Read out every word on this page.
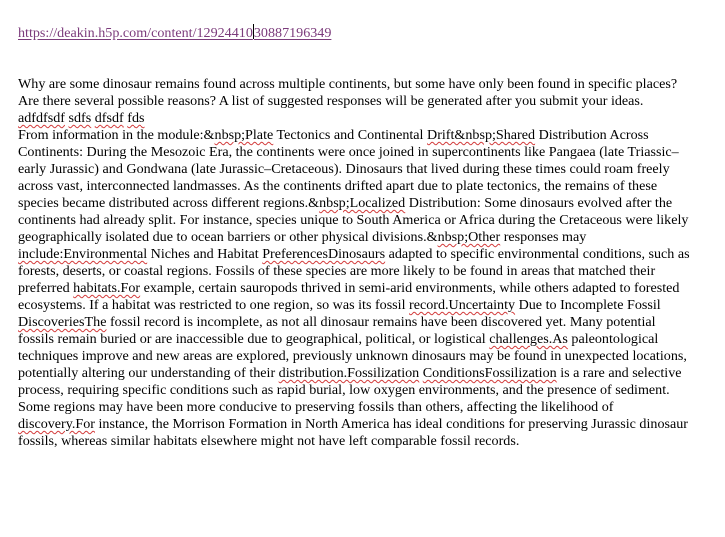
https://deakin.h5p.com/content/1292441030887196349

Why are some dinosaur remains found across multiple continents, but some have only been found in specific places? Are there several possible reasons? A list of suggested responses will be generated after you submit your ideas.

adfdfsdf sdfs dfsdf fds

From information in the module:&nbsp;Plate Tectonics and Continental Drift&nbsp;Shared Distribution Across Continents: During the Mesozoic Era, the continents were once joined in supercontinents like Pangaea (late Triassic–early Jurassic) and Gondwana (late Jurassic–Cretaceous). Dinosaurs that lived during these times could roam freely across vast, interconnected landmasses. As the continents drifted apart due to plate tectonics, the remains of these species became distributed across different regions.&nbsp;Localized Distribution: Some dinosaurs evolved after the continents had already split. For instance, species unique to South America or Africa during the Cretaceous were likely geographically isolated due to ocean barriers or other physical divisions.&nbsp;Other responses may include:Environmental Niches and Habitat PreferencesDinosaurs adapted to specific environmental conditions, such as forests, deserts, or coastal regions. Fossils of these species are more likely to be found in areas that matched their preferred habitats.For example, certain sauropods thrived in semi-arid environments, while others adapted to forested ecosystems. If a habitat was restricted to one region, so was its fossil record.Uncertainty Due to Incomplete Fossil DiscoveriesThe fossil record is incomplete, as not all dinosaur remains have been discovered yet. Many potential fossils remain buried or are inaccessible due to geographical, political, or logistical challenges.As paleontological techniques improve and new areas are explored, previously unknown dinosaurs may be found in unexpected locations, potentially altering our understanding of their distribution.Fossilization ConditionsFossilization is a rare and selective process, requiring specific conditions such as rapid burial, low oxygen environments, and the presence of sediment. Some regions may have been more conducive to preserving fossils than others, affecting the likelihood of discovery.For instance, the Morrison Formation in North America has ideal conditions for preserving Jurassic dinosaur fossils, whereas similar habitats elsewhere might not have left comparable fossil records.
